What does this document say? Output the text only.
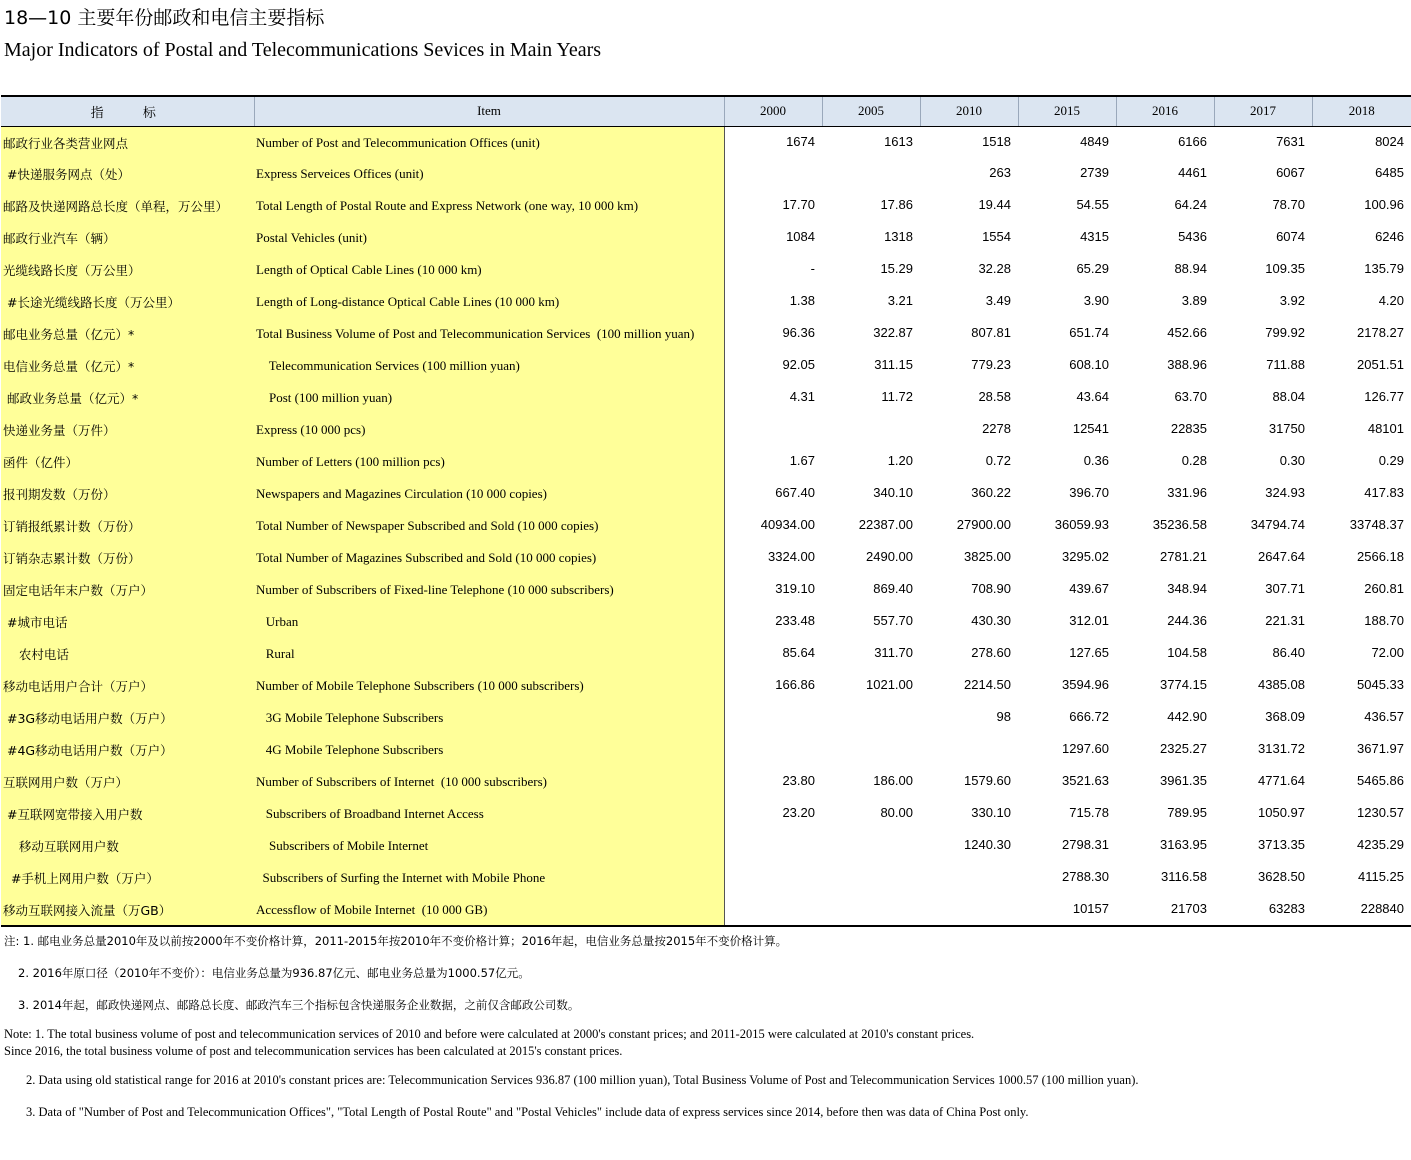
18—10 主要年份邮政和电信主要指标
Major Indicators of Postal and Telecommunications Sevices in Main Years
指 标	Item	2000	2005	2010	2015	2016	2017	2018
邮政行业各类营业网点	Number of Post and Telecommunication Offices (unit)	1674	1613	1518	4849	6166	7631	8024
#快递服务网点（处）	Express Serveices Offices (unit)			263	2739	4461	6067	6485
邮路及快递网路总长度（单程，万公里）	Total Length of Postal Route and Express Network (one way, 10 000 km)	17.70	17.86	19.44	54.55	64.24	78.70	100.96
邮政行业汽车（辆）	Postal Vehicles (unit)	1084	1318	1554	4315	5436	6074	6246
光缆线路长度（万公里）	Length of Optical Cable Lines (10 000 km)	-	15.29	32.28	65.29	88.94	109.35	135.79
#长途光缆线路长度（万公里）	Length of Long-distance Optical Cable Lines (10 000 km)	1.38	3.21	3.49	3.90	3.89	3.92	4.20
邮电业务总量（亿元）*	Total Business Volume of Post and Telecommunication Services  (100 million yuan)	96.36	322.87	807.81	651.74	452.66	799.92	2178.27
电信业务总量（亿元）*	Telecommunication Services (100 million yuan)	92.05	311.15	779.23	608.10	388.96	711.88	2051.51
邮政业务总量（亿元）*	Post (100 million yuan)	4.31	11.72	28.58	43.64	63.70	88.04	126.77
快递业务量（万件）	Express (10 000 pcs)			2278	12541	22835	31750	48101
函件（亿件）	Number of Letters (100 million pcs)	1.67	1.20	0.72	0.36	0.28	0.30	0.29
报刊期发数（万份）	Newspapers and Magazines Circulation (10 000 copies)	667.40	340.10	360.22	396.70	331.96	324.93	417.83
订销报纸累计数（万份）	Total Number of Newspaper Subscribed and Sold (10 000 copies)	40934.00	22387.00	27900.00	36059.93	35236.58	34794.74	33748.37
订销杂志累计数（万份）	Total Number of Magazines Subscribed and Sold (10 000 copies)	3324.00	2490.00	3825.00	3295.02	2781.21	2647.64	2566.18
固定电话年末户数（万户）	Number of Subscribers of Fixed-line Telephone (10 000 subscribers)	319.10	869.40	708.90	439.67	348.94	307.71	260.81
#城市电话	Urban	233.48	557.70	430.30	312.01	244.36	221.31	188.70
农村电话	Rural	85.64	311.70	278.60	127.65	104.58	86.40	72.00
移动电话用户合计（万户）	Number of Mobile Telephone Subscribers (10 000 subscribers)	166.86	1021.00	2214.50	3594.96	3774.15	4385.08	5045.33
#3G移动电话用户数（万户）	3G Mobile Telephone Subscribers			98	666.72	442.90	368.09	436.57
#4G移动电话用户数（万户）	4G Mobile Telephone Subscribers				1297.60	2325.27	3131.72	3671.97
互联网用户数（万户）	Number of Subscribers of Internet  (10 000 subscribers)	23.80	186.00	1579.60	3521.63	3961.35	4771.64	5465.86
#互联网宽带接入用户数	Subscribers of Broadband Internet Access	23.20	80.00	330.10	715.78	789.95	1050.97	1230.57
移动互联网用户数	Subscribers of Mobile Internet			1240.30	2798.31	3163.95	3713.35	4235.29
#手机上网用户数（万户）	Subscribers of Surfing the Internet with Mobile Phone				2788.30	3116.58	3628.50	4115.25
移动互联网接入流量（万GB）	Accessflow of Mobile Internet  (10 000 GB)				10157	21703	63283	228840
注: 1. 邮电业务总量2010年及以前按2000年不变价格计算，2011-2015年按2010年不变价格计算；2016年起，电信业务总量按2015年不变价格计算。
2. 2016年原口径（2010年不变价）：电信业务总量为936.87亿元、邮电业务总量为1000.57亿元。
3. 2014年起，邮政快递网点、邮路总长度、邮政汽车三个指标包含快递服务企业数据，之前仅含邮政公司数。
Note: 1. The total business volume of post and telecommunication services of 2010 and before were calculated at 2000's constant prices; and 2011-2015 were calculated at 2010's constant prices.
Since 2016, the total business volume of post and telecommunication services has been calculated at 2015's constant prices.
2. Data using old statistical range for 2016 at 2010's constant prices are: Telecommunication Services 936.87 (100 million yuan), Total Business Volume of Post and Telecommunication Services 1000.57 (100 million yuan).
3. Data of "Number of Post and Telecommunication Offices", "Total Length of Postal Route" and "Postal Vehicles" include data of express services since 2014, before then was data of China Post only.
